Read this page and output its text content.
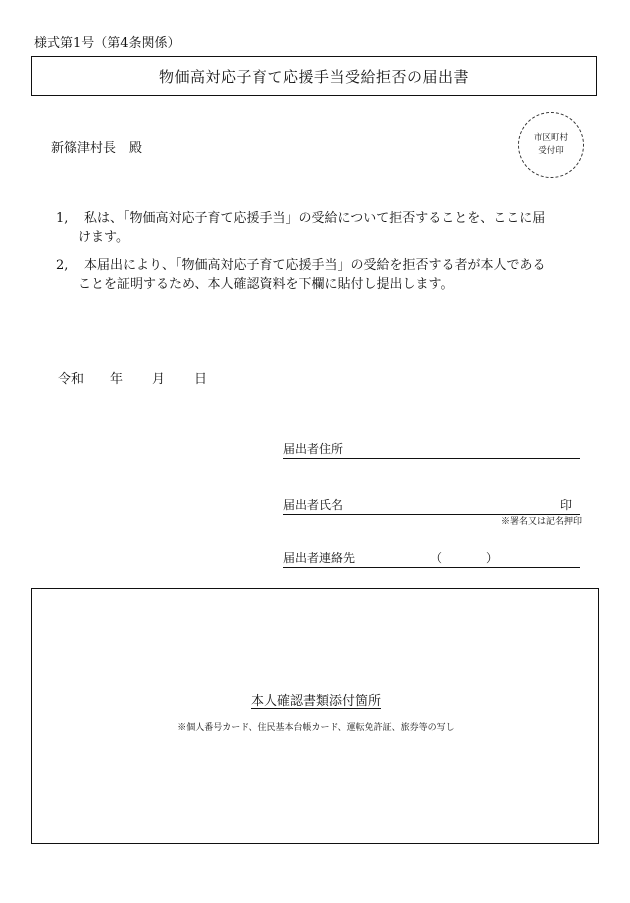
様式第1号（第4条関係）
物価高対応子育て応援手当受給拒否の届出書
新篠津村長　殿
市区町村
受付印
1, 私は、「物価高対応子育て応援手当」の受給について拒否することを、ここに届
けます。
2, 本届出により、「物価高対応子育て応援手当」の受給を拒否する者が本人である
ことを証明するため、本人確認資料を下欄に貼付し提出します。
令和 年 月 日
届出者住所
届出者氏名	印
※署名又は記名押印
届出者連絡先	（	）
本人確認書類添付箇所
※個人番号カード、住民基本台帳カード、運転免許証、旅券等の写し
